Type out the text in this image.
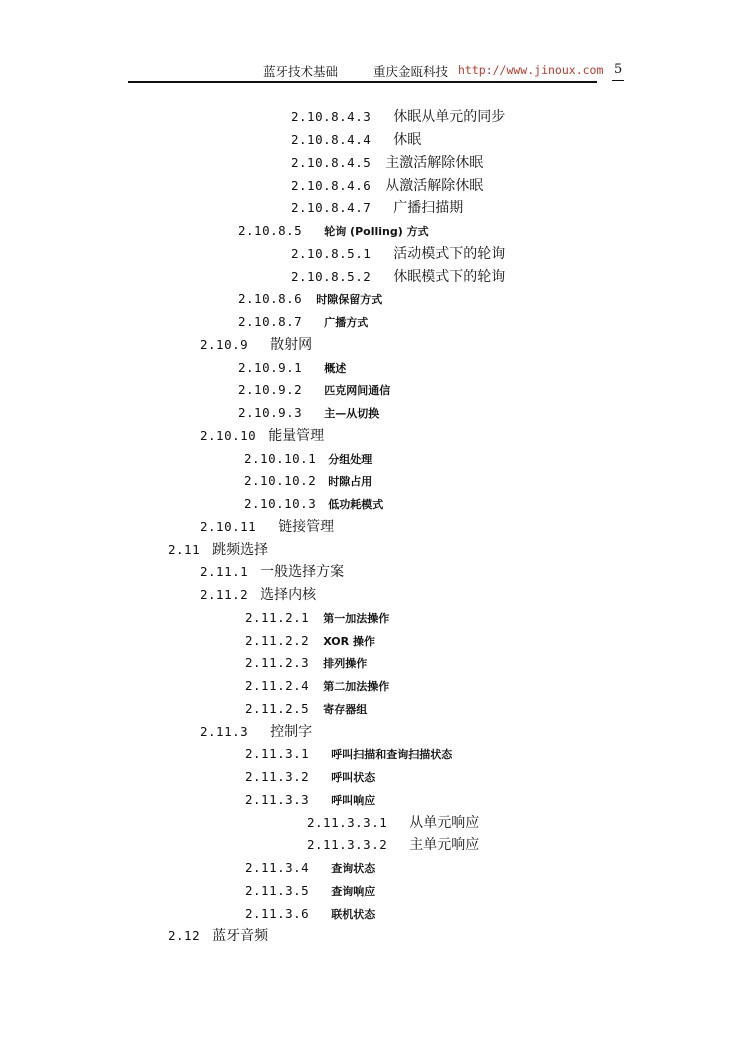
蓝牙技术基础	重庆金瓯科技 http://www.jinoux.com 5
2.10.8.4.3 休眠从单元的同步
2.10.8.4.4 休眠
2.10.8.4.5 主激活解除休眠
2.10.8.4.6 从激活解除休眠
2.10.8.4.7 广播扫描期
2.10.8.5 轮询 (Polling) 方式
2.10.8.5.1 活动模式下的轮询
2.10.8.5.2 休眠模式下的轮询
2.10.8.6 时隙保留方式
2.10.8.7 广播方式
2.10.9 散射网
2.10.9.1 概述
2.10.9.2 匹克网间通信
2.10.9.3 主—从切换
2.10.10 能量管理
2.10.10.1 分组处理
2.10.10.2 时隙占用
2.10.10.3 低功耗模式
2.10.11 链接管理
2.11 跳频选择
2.11.1 一般选择方案
2.11.2 选择内核
2.11.2.1 第一加法操作
2.11.2.2 XOR 操作
2.11.2.3 排列操作
2.11.2.4 第二加法操作
2.11.2.5 寄存器组
2.11.3 控制字
2.11.3.1 呼叫扫描和查询扫描状态
2.11.3.2 呼叫状态
2.11.3.3 呼叫响应
2.11.3.3.1 从单元响应
2.11.3.3.2 主单元响应
2.11.3.4 查询状态
2.11.3.5 查询响应
2.11.3.6 联机状态
2.12 蓝牙音频
